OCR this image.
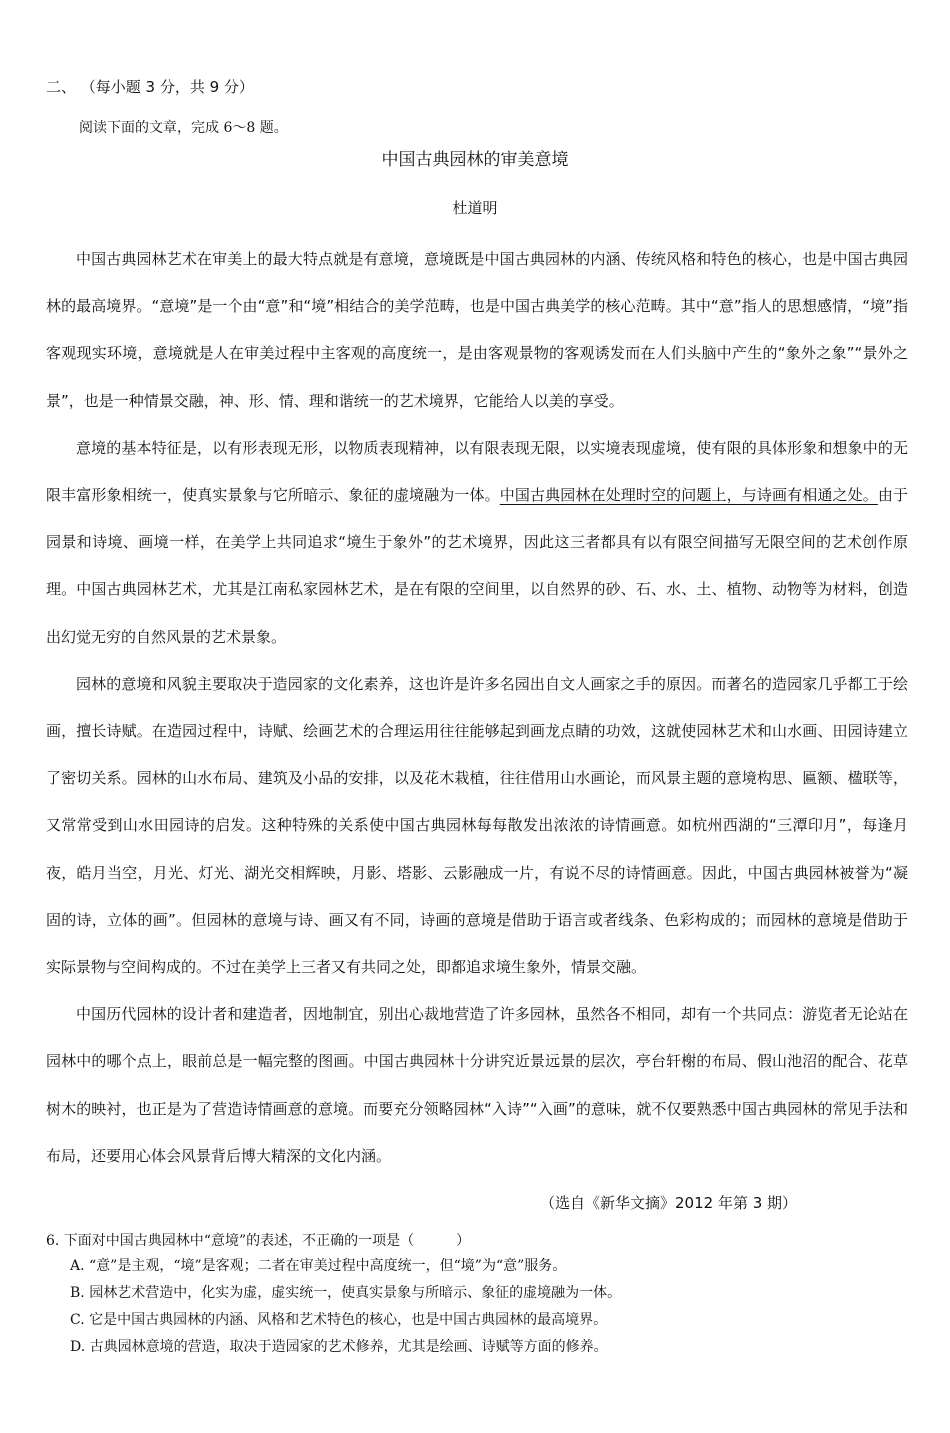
二、 （每小题 3 分，共 9 分）
阅读下面的文章，完成 6～8 题。
中国古典园林的审美意境
杜道明

中国古典园林艺术在审美上的最大特点就是有意境，意境既是中国古典园林的内涵、传统风格和特色的核心，也是中国古典园林的最高境界。“意境”是一个由“意”和“境”相结合的美学范畴，也是中国古典美学的核心范畴。其中“意”指人的思想感情，“境”指客观现实环境，意境就是人在审美过程中主客观的高度统一，是由客观景物的客观诱发而在人们头脑中产生的“象外之象”“景外之景”，也是一种情景交融，神、形、情、理和谐统一的艺术境界，它能给人以美的享受。

意境的基本特征是，以有形表现无形，以物质表现精神，以有限表现无限，以实境表现虚境，使有限的具体形象和想象中的无限丰富形象相统一，使真实景象与它所暗示、象征的虚境融为一体。中国古典园林在处理时空的问题上，与诗画有相通之处。由于园景和诗境、画境一样，在美学上共同追求“境生于象外”的艺术境界，因此这三者都具有以有限空间描写无限空间的艺术创作原理。中国古典园林艺术，尤其是江南私家园林艺术，是在有限的空间里，以自然界的砂、石、水、土、植物、动物等为材料，创造出幻觉无穷的自然风景的艺术景象。

园林的意境和风貌主要取决于造园家的文化素养，这也许是许多名园出自文人画家之手的原因。而著名的造园家几乎都工于绘画，擅长诗赋。在造园过程中，诗赋、绘画艺术的合理运用往往能够起到画龙点睛的功效，这就使园林艺术和山水画、田园诗建立了密切关系。园林的山水布局、建筑及小品的安排，以及花木栽植，往往借用山水画论，而风景主题的意境构思、匾额、楹联等，又常常受到山水田园诗的启发。这种特殊的关系使中国古典园林每每散发出浓浓的诗情画意。如杭州西湖的“三潭印月”，每逢月夜，皓月当空，月光、灯光、湖光交相辉映，月影、塔影、云影融成一片，有说不尽的诗情画意。因此，中国古典园林被誉为“凝固的诗，立体的画”。但园林的意境与诗、画又有不同，诗画的意境是借助于语言或者线条、色彩构成的；而园林的意境是借助于实际景物与空间构成的。不过在美学上三者又有共同之处，即都追求境生象外，情景交融。

中国历代园林的设计者和建造者，因地制宜，别出心裁地营造了许多园林，虽然各不相同，却有一个共同点：游览者无论站在园林中的哪个点上，眼前总是一幅完整的图画。中国古典园林十分讲究近景远景的层次，亭台轩榭的布局、假山池沼的配合、花草树木的映衬，也正是为了营造诗情画意的意境。而要充分领略园林“入诗”“入画”的意味，就不仅要熟悉中国古典园林的常见手法和布局，还要用心体会风景背后博大精深的文化内涵。

（选自《新华文摘》2012 年第 3 期）
6. 下面对中国古典园林中“意境”的表述，不正确的一项是（　　　）
A. “意”是主观，“境”是客观；二者在审美过程中高度统一，但“境”为“意”服务。
B. 园林艺术营造中，化实为虚，虚实统一，使真实景象与所暗示、象征的虚境融为一体。
C. 它是中国古典园林的内涵、风格和艺术特色的核心，也是中国古典园林的最高境界。
D. 古典园林意境的营造，取决于造园家的艺术修养，尤其是绘画、诗赋等方面的修养。
